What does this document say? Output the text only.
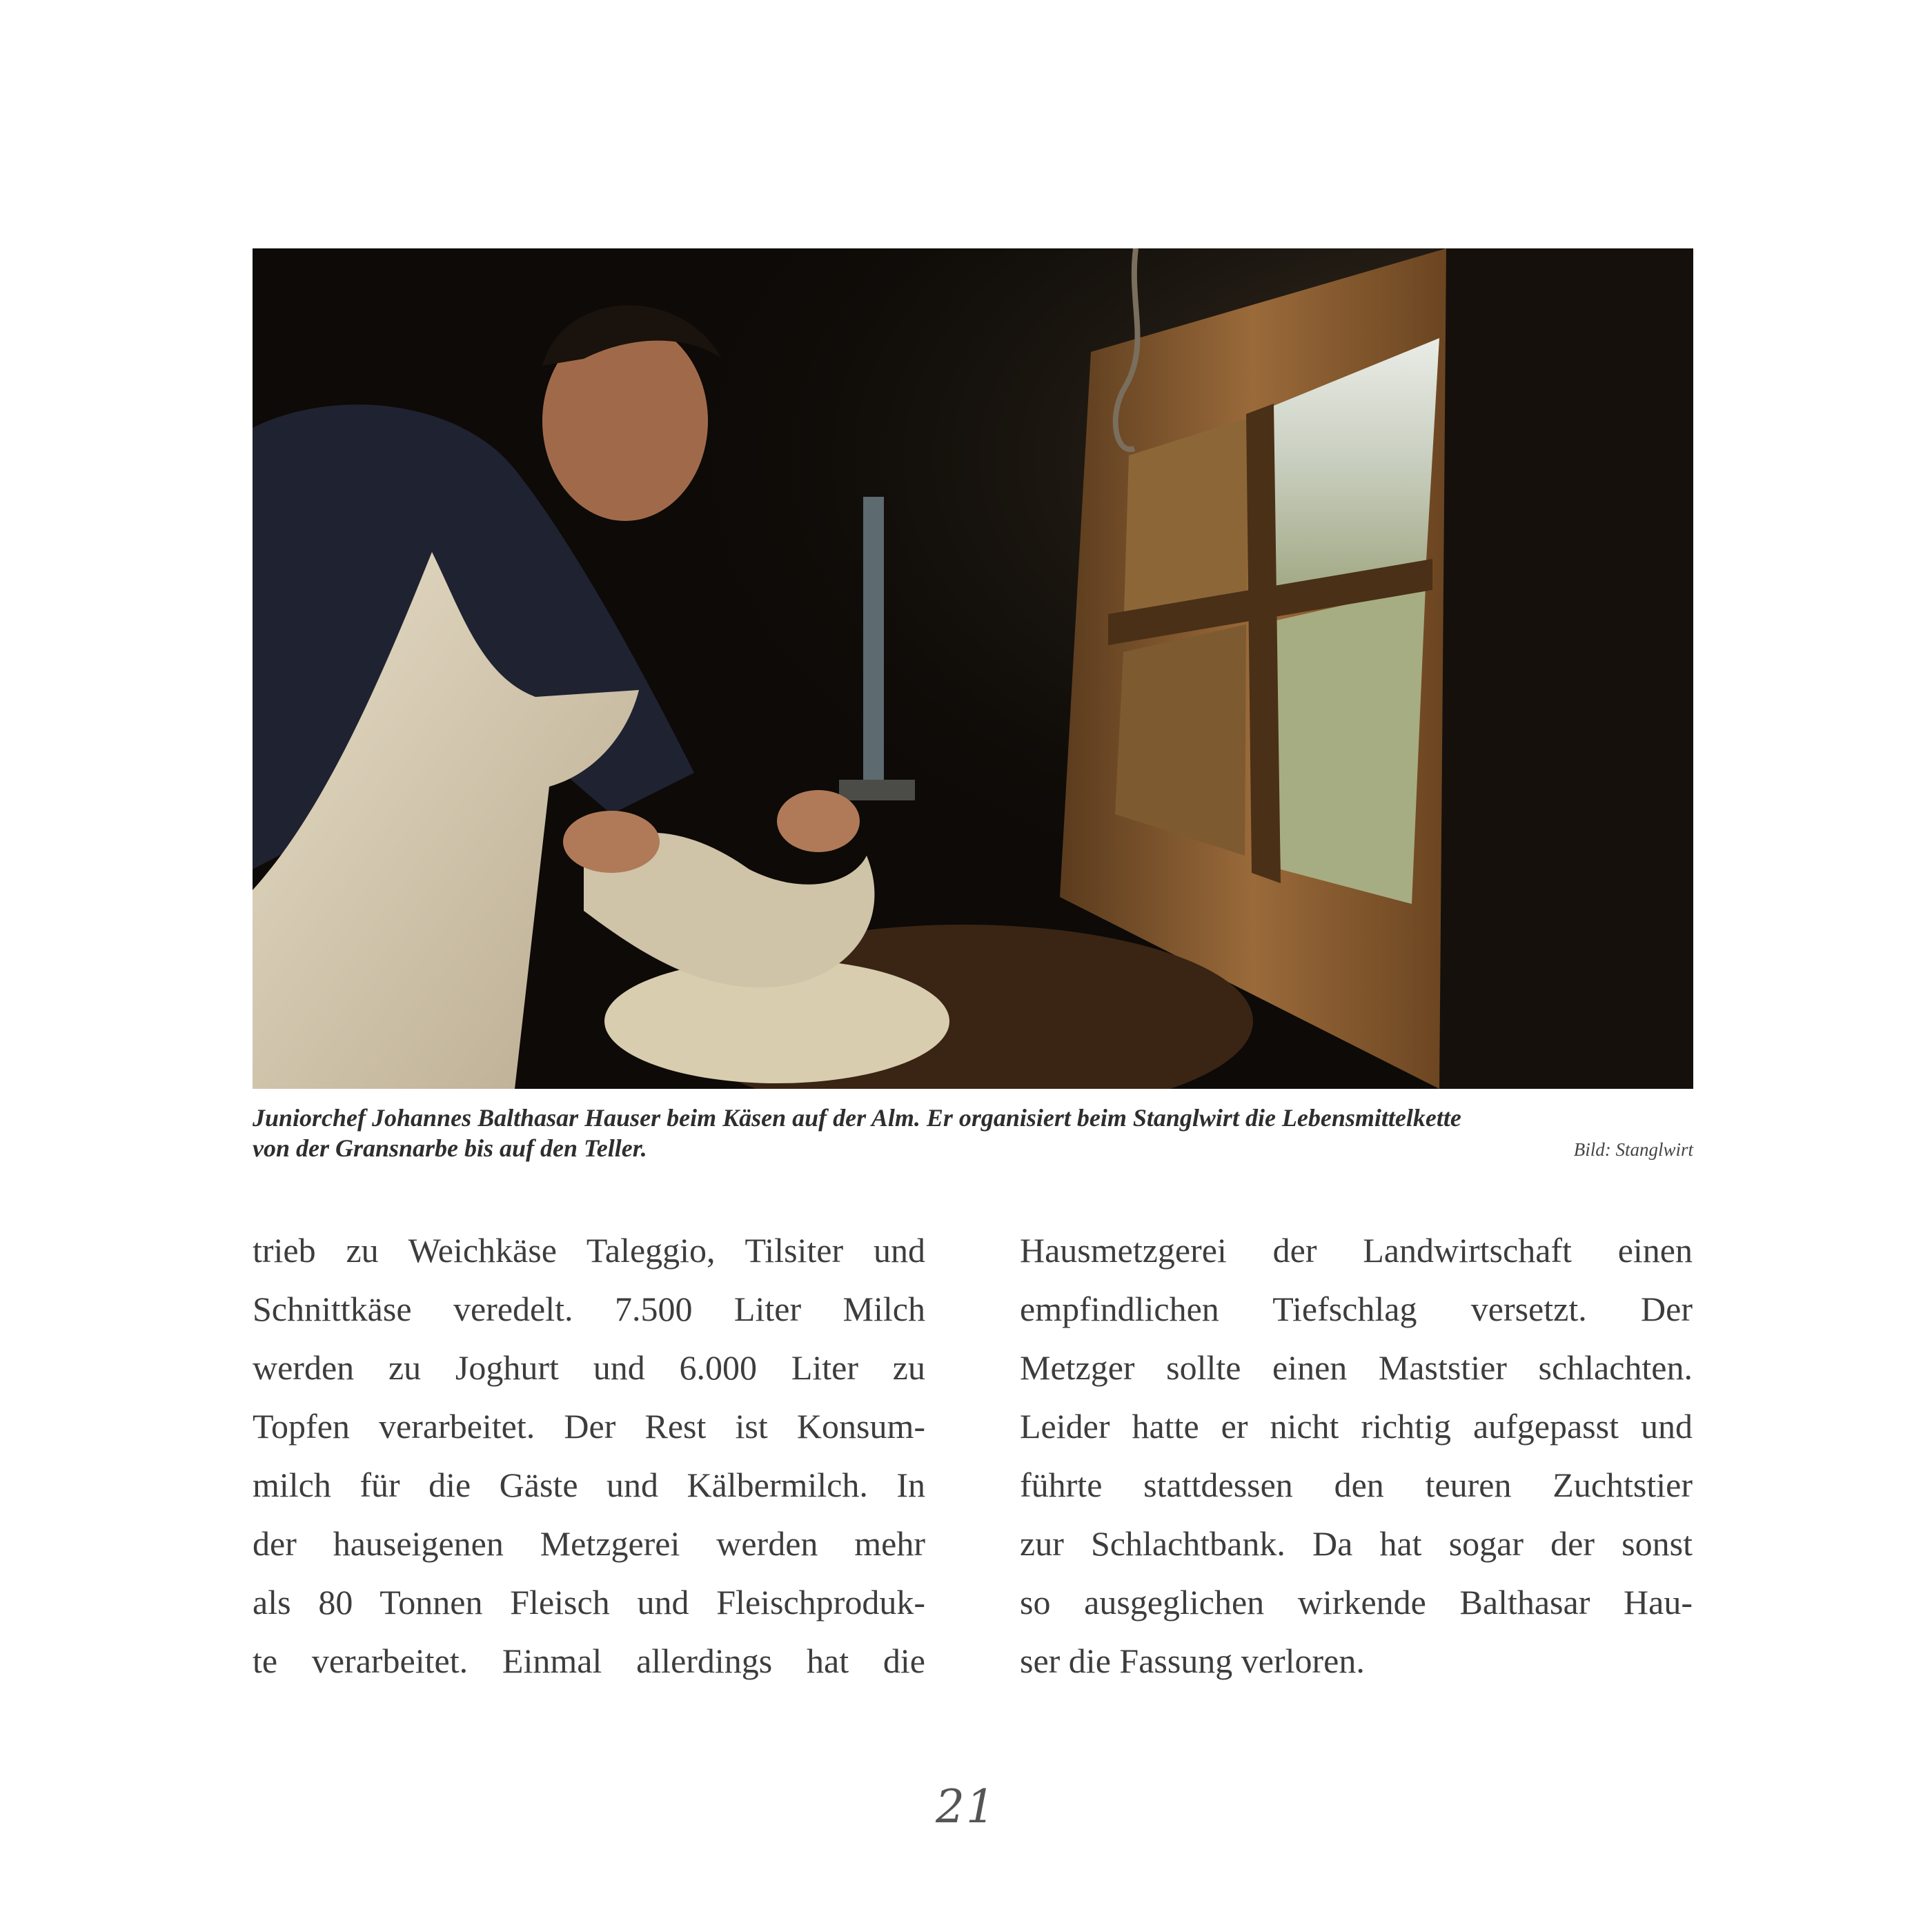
Juniorchef Johannes Balthasar Hauser beim Käsen auf der Alm. Er organisiert beim Stanglwirt die Lebensmittelkette
von der Gransnarbe bis auf den Teller.	Bild: Stanglwirt
trieb zu Weichkäse Taleggio, Tilsiter und
Schnittkäse veredelt. 7.500 Liter Milch
werden zu Joghurt und 6.000 Liter zu
Topfen verarbeitet. Der Rest ist Konsum-
milch für die Gäste und Kälbermilch. In
der hauseigenen Metzgerei werden mehr
als 80 Tonnen Fleisch und Fleischproduk-
te verarbeitet. Einmal allerdings hat die
Hausmetzgerei der Landwirtschaft einen
empfindlichen Tiefschlag versetzt. Der
Metzger sollte einen Maststier schlachten.
Leider hatte er nicht richtig aufgepasst und
führte stattdessen den teuren Zuchtstier
zur Schlachtbank. Da hat sogar der sonst
so ausgeglichen wirkende Balthasar Hau-
ser die Fassung verloren.
21
